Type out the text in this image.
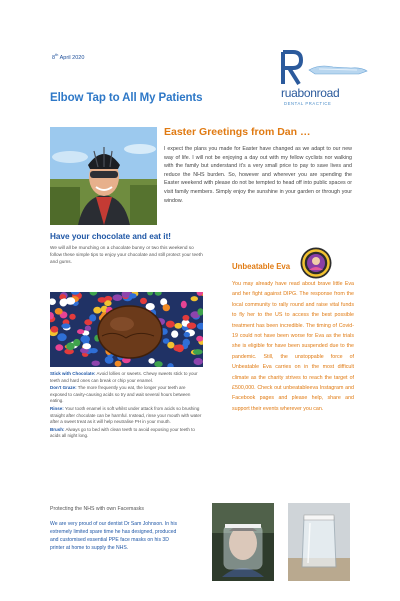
8th April 2020
Elbow Tap to All My Patients	ruabonroad
DENTAL PRACTICE
Easter Greetings from Dan …
I expect the plans you made for Easter have changed as we adapt to our new way of life. I will not be enjoying a day out with my fellow cyclists nor walking with the family but understand it's a very small price to pay to save lives and reduce the NHS burden. So, however and wherever you are spending the Easter weekend with please do not be tempted to head off into public spaces or visit family members. Simply enjoy the sunshine in your garden or through your window.
Have your chocolate and eat it!
We will all be munching on a chocolate bunny or two this weekend so follow these simple tips to enjoy your chocolate and still protect your teeth and gums.

Stick with Chocolate: Avoid lollies or sweets. Chewy sweets stick to your teeth and hard ones can break or chip your enamel.

Don't Graze: The more frequently you eat, the longer your teeth are exposed to cavity-causing acids so try and wait several hours between eating.

Rinse: Your tooth enamel is soft whilst under attack from acids so brushing straight after chocolate can be harmful. Instead, rinse your mouth with water after a sweet treat as it will help neutralise PH in your mouth.

Brush: Always go to bed with clean teeth to avoid exposing your teeth to acids all night long.

Unbeatable Eva
You may already have read about brave little Eva and her fight against DIPG. The response from the local community to rally round and raise vital funds to fly her to the US to access the best possible treatment has been incredible. The timing of Covid-19 could not have been worse for Eva as the trials she is eligible for have been suspended due to the pandemic. Still, the unstoppable force of Unbeatable Eva carries on in the most difficult climate as the charity strives to reach the target of £500,000. Check out unbeatableeva Instagram and Facebook pages and please help, share and support their events wherever you can.
Protecting the NHS with own Facemasks
We are very proud of our dentist Dr Sam Johnson. In his extremely limited spare time he has designed, produced and customised essential PPE face masks on his 3D printer at home to supply the NHS.
